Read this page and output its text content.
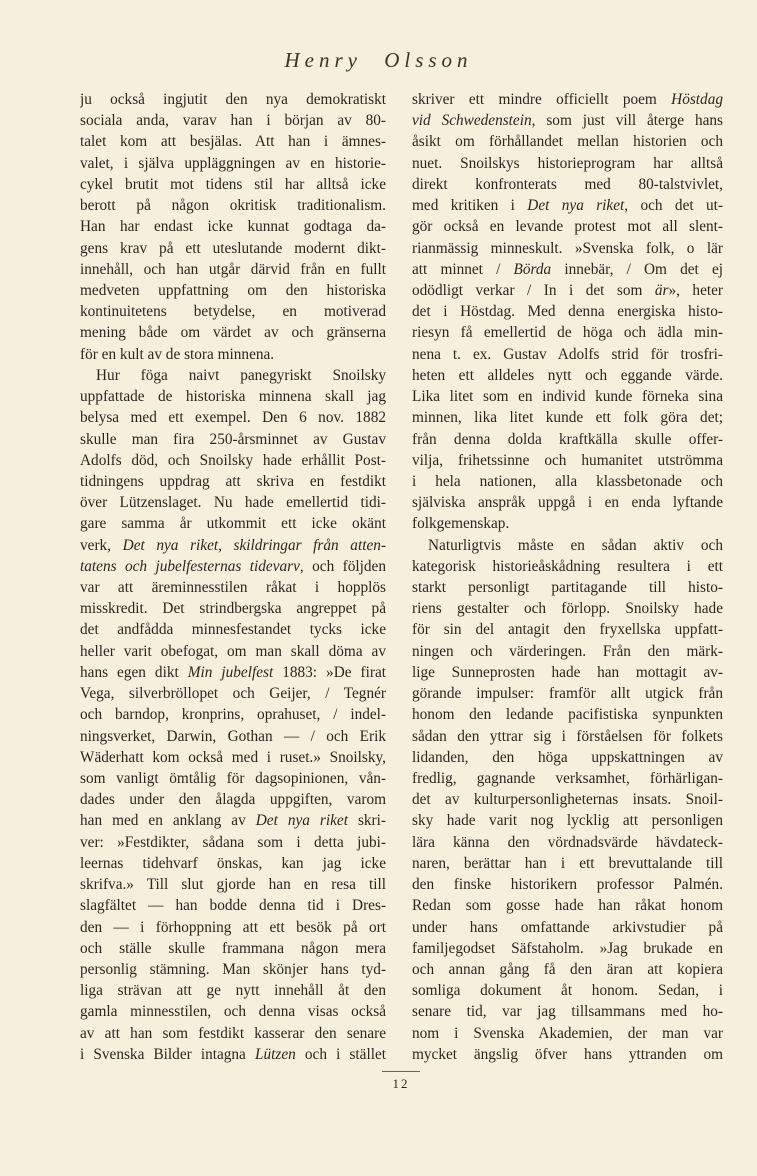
Henry Olsson
ju också ingjutit den nya demokratiskt
sociala anda, varav han i början av 80-
talet kom att besjälas. Att han i ämnes-
valet, i själva uppläggningen av en historie-
cykel brutit mot tidens stil har alltså icke
berott på någon okritisk traditionalism.
Han har endast icke kunnat godtaga da-
gens krav på ett uteslutande modernt dikt-
innehåll, och han utgår därvid från en fullt
medveten uppfattning om den historiska
kontinuitetens betydelse, en motiverad
mening både om värdet av och gränserna
för en kult av de stora minnena.
Hur föga naivt panegyriskt Snoilsky
uppfattade de historiska minnena skall jag
belysa med ett exempel. Den 6 nov. 1882
skulle man fira 250-årsminnet av Gustav
Adolfs död, och Snoilsky hade erhållit Post-
tidningens uppdrag att skriva en festdikt
över Lützenslaget. Nu hade emellertid tidi-
gare samma år utkommit ett icke okänt
verk, Det nya riket, skildringar från atten-
tatens och jubelfesternas tidevarv, och följden
var att äreminnesstilen råkat i hopplös
misskredit. Det strindbergska angreppet på
det andfådda minnesfestandet tycks icke
heller varit obefogat, om man skall döma av
hans egen dikt Min jubelfest 1883: »De firat
Vega, silverbröllopet och Geijer, / Tegnér
och barndop, kronprins, oprahuset, / indel-
ningsverket, Darwin, Gothan — / och Erik
Wäderhatt kom också med i ruset.» Snoilsky,
som vanligt ömtålig för dagsopinionen, vån-
dades under den ålagda uppgiften, varom
han med en anklang av Det nya riket skri-
ver: »Festdikter, sådana som i detta jubi-
leernas tidehvarf önskas, kan jag icke
skrifva.» Till slut gjorde han en resa till
slagfältet — han bodde denna tid i Dres-
den — i förhoppning att ett besök på ort
och ställe skulle frammana någon mera
personlig stämning. Man skönjer hans tyd-
liga strävan att ge nytt innehåll åt den
gamla minnesstilen, och denna visas också
av att han som festdikt kasserar den senare
i Svenska Bilder intagna Lützen och i stället
skriver ett mindre officiellt poem Höstdag
vid Schwedenstein, som just vill återge hans
åsikt om förhållandet mellan historien och
nuet. Snoilskys historieprogram har alltså
direkt konfronterats med 80-talstvivlet,
med kritiken i Det nya riket, och det ut-
gör också en levande protest mot all slent-
rianmässig minneskult. »Svenska folk, o lär
att minnet / Börda innebär, / Om det ej
odödligt verkar / In i det som är», heter
det i Höstdag. Med denna energiska histo-
riesyn få emellertid de höga och ädla min-
nena t. ex. Gustav Adolfs strid för trosfri-
heten ett alldeles nytt och eggande värde.
Lika litet som en individ kunde förneka sina
minnen, lika litet kunde ett folk göra det;
från denna dolda kraftkälla skulle offer-
vilja, frihetssinne och humanitet utströmma
i hela nationen, alla klassbetonade och
själviska anspråk uppgå i en enda lyftande
folkgemenskap.
Naturligtvis måste en sådan aktiv och
kategorisk historieåskådning resultera i ett
starkt personligt partitagande till histo-
riens gestalter och förlopp. Snoilsky hade
för sin del antagit den fryxellska uppfatt-
ningen och värderingen. Från den märk-
lige Sunneprosten hade han mottagit av-
görande impulser: framför allt utgick från
honom den ledande pacifistiska synpunkten
sådan den yttrar sig i förståelsen för folkets
lidanden, den höga uppskattningen av
fredlig, gagnande verksamhet, förhärligan-
det av kulturpersonligheternas insats. Snoil-
sky hade varit nog lycklig att personligen
lära känna den vördnadsvärde hävdateck-
naren, berättar han i ett brevuttalande till
den finske historikern professor Palmén.
Redan som gosse hade han råkat honom
under hans omfattande arkivstudier på
familjegodset Säfstaholm. »Jag brukade en
och annan gång få den äran att kopiera
somliga dokument åt honom. Sedan, i
senare tid, var jag tillsammans med ho-
nom i Svenska Akademien, der man var
mycket ängslig öfver hans yttranden om
12
